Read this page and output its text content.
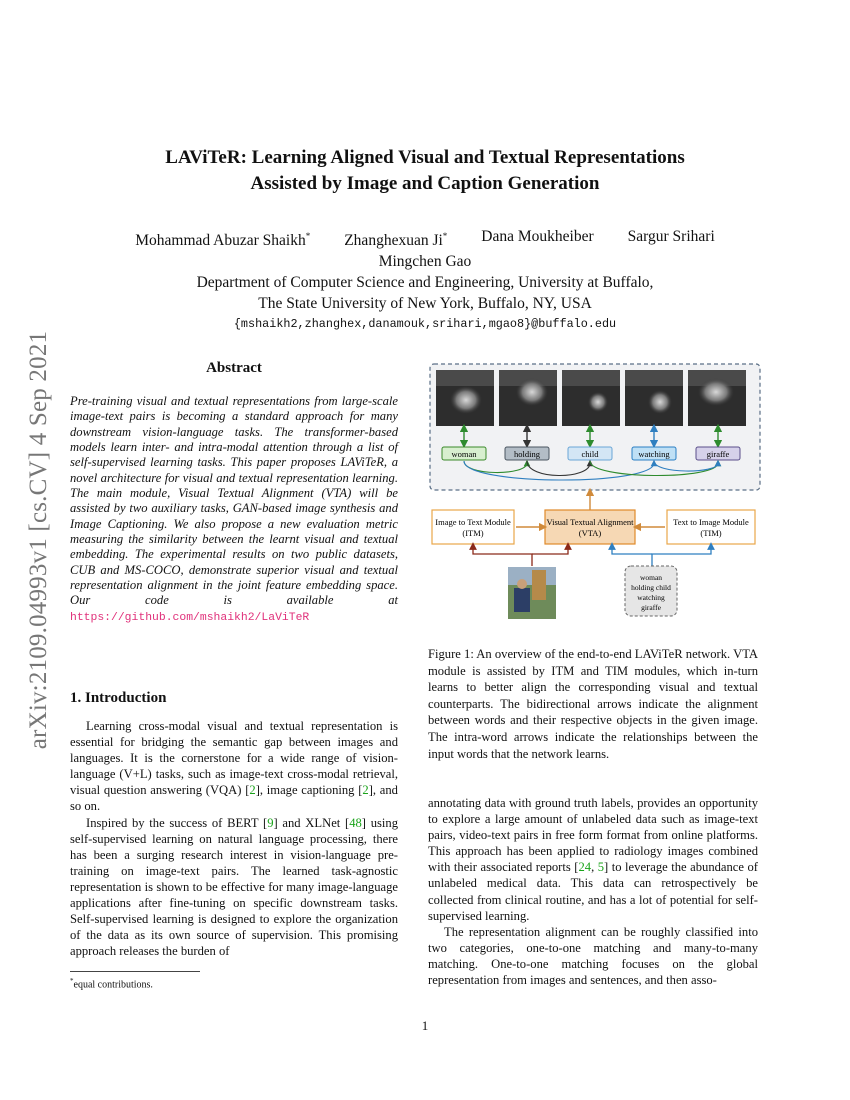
arXiv:2109.04993v1 [cs.CV] 4 Sep 2021
LAViTeR: Learning Aligned Visual and Textual Representations
Assisted by Image and Caption Generation
Mohammad Abuzar Shaikh* Zhanghexuan Ji* Dana Moukheiber Sargur Srihari
Mingchen Gao
Department of Computer Science and Engineering, University at Buffalo,
The State University of New York, Buffalo, NY, USA
{mshaikh2,zhanghex,danamouk,srihari,mgao8}@buffalo.edu
Abstract
Pre-training visual and textual representations from large-scale image-text pairs is becoming a standard approach for many downstream vision-language tasks. The transformer-based models learn inter- and intra-modal attention through a list of self-supervised learning tasks. This paper proposes LAViTeR, a novel architecture for visual and textual representation learning. The main module, Visual Textual Alignment (VTA) will be assisted by two auxiliary tasks, GAN-based image synthesis and Image Captioning. We also propose a new evaluation metric measuring the similarity between the learnt visual and textual embedding. The experimental results on two public datasets, CUB and MS-COCO, demonstrate superior visual and textual representation alignment in the joint feature embedding space. Our code is available at https://github.com/mshaikh2/LaViTeR
1. Introduction

Learning cross-modal visual and textual representation is essential for bridging the semantic gap between images and languages. It is the cornerstone for a wide range of vision-language (V+L) tasks, such as image-text cross-modal retrieval, visual question answering (VQA) [2], image captioning [2], and so on.

Inspired by the success of BERT [9] and XLNet [48] using self-supervised learning on natural language processing, there has been a surging research interest in vision-language pre-training on image-text pairs. The learned task-agnostic representation is shown to be effective for many image-language applications after fine-tuning on specific downstream tasks. Self-supervised learning is designed to explore the organization of the data as its own source of supervision. This promising approach releases the burden of

*equal contributions.
woman	holding	child	watching	giraffe
Image to Text Module
(ITM)
Visual Textual Alignment
(VTA)
Text to Image Module
(TIM)
woman
holding child
watching
giraffe
Figure 1: An overview of the end-to-end LAViTeR network. VTA module is assisted by ITM and TIM modules, which in-turn learns to better align the corresponding visual and textual counterparts. The bidirectional arrows indicate the alignment between words and their respective objects in the given image. The intra-word arrows indicate the relationships between the input words that the network learns.

annotating data with ground truth labels, provides an opportunity to explore a large amount of unlabeled data such as image-text pairs, video-text pairs in free form format from online platforms. This approach has been applied to radiology images combined with their associated reports [24, 5] to leverage the abundance of unlabeled medical data. This data can retrospectively be collected from clinical routine, and has a lot of potential for self-supervised learning.

The representation alignment can be roughly classified into two categories, one-to-one matching and many-to-many matching. One-to-one matching focuses on the global representation from images and sentences, and then asso-

1
